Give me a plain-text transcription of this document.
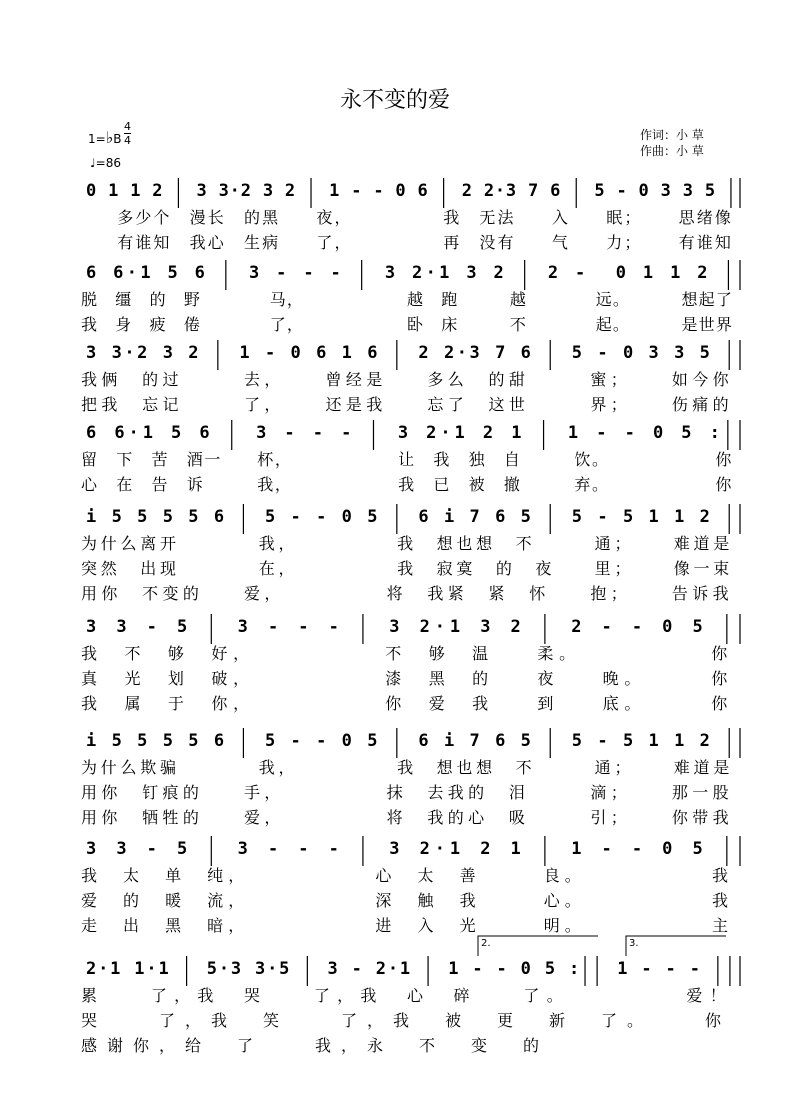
永不变的爱
1=♭B
4
4
♩=86
作词：小 草
作曲：小 草
0 1 1 2 3 3 · 2 3 2 1 - - 0 6 2 2 · 3 7 6 5 - 0 3 3 5
多 少 个 漫 长 的 黑 夜 ，	我 无 法 入 眠 ； 思 绪 像
有 谁 知 我 心 生 病 了 ，	再 没 有 气 力 ； 有 谁 知
6 6 · 1 5 6	3 - - -	3 2 · 1 3 2	2 - 0 1 1 2
脱 缰 的 野	马 ，	越 跑	越	远 。	想 起 了
我 身 疲 倦	了 ，	卧 床	不	起 。	是 世 界
3 3 · 2 3 2 1 - 0 6 1 6 2 2 · 3 7 6 5 - 0 3 3 5
我 俩 的 过	去 ，	曾 经 是	多 么 的 甜	蜜 ；	如 今 你
把 我 忘 记	了 ，	还 是 我	忘 了 这 世	界 ；	伤 痛 的
6 6 · 1 5 6	3 - - -	3 2 · 1 2 1	1 - - 0 5 :
留 下 苦 酒 一 杯 ，	让 我 独 自	饮 。	你
心 在 告 诉	我 ，	我 已 被 撤	弃 。	你
i 5 5 5 5 6 5 - - 0 5 6 i 7 6 5 5 - 5 1 1 2
为 什 么 离 开	我 ，	我 想 也 想 不	通 ；	难 道 是
突 然 出 现	在 ，	我 寂 寞 的 夜	里 ；	像 一 束
用 你 不 变 的	爱 ，	将 我 紧 紧 怀	抱 ；	告 诉 我
3 3 - 5	3 - - -	3 2 · 1 3 2	2 - - 0 5
我 不 够 好 ，	不 够 温	柔 。	你
真 光 划 破 ，	漆 黑 的	夜	晚 。	你
我 属 于 你 ，	你 爱 我	到	底 。	你
i 5 5 5 5 6 5 - - 0 5 6 i 7 6 5 5 - 5 1 1 2
为 什 么 欺 骗	我 ，	我 想 也 想 不	通 ；	难 道 是
用 你 钉 痕 的	手 ，	抹 去 我 的 泪	滴 ；	那 一 股
用 你 牺 牲 的	爱 ，	将 我 的 心 吸	引 ；	你 带 我
3 3 - 5	3 - - -	3 2 · 1 2 1	1 - - 0 5
我 太 单 纯 ，	心 太 善	良 。	我
爱 的 暖 流 ，	深 触 我	心 。	我
走 出 黑 暗 ，	进 入 光	明 。	主
2 · 1 1 · 1 5 · 3 3 · 5 3 - 2 · 1 1 - - 0 5 : 1 - - -
2.	3.
累	了 ， 我 哭	了 ， 我 心 碎	了 。	爱 ！
哭	了 ， 我 笑	了 ， 我 被 更 新 了 。	你
感 谢 你 ， 给 了	我 ， 永 不 变 的
